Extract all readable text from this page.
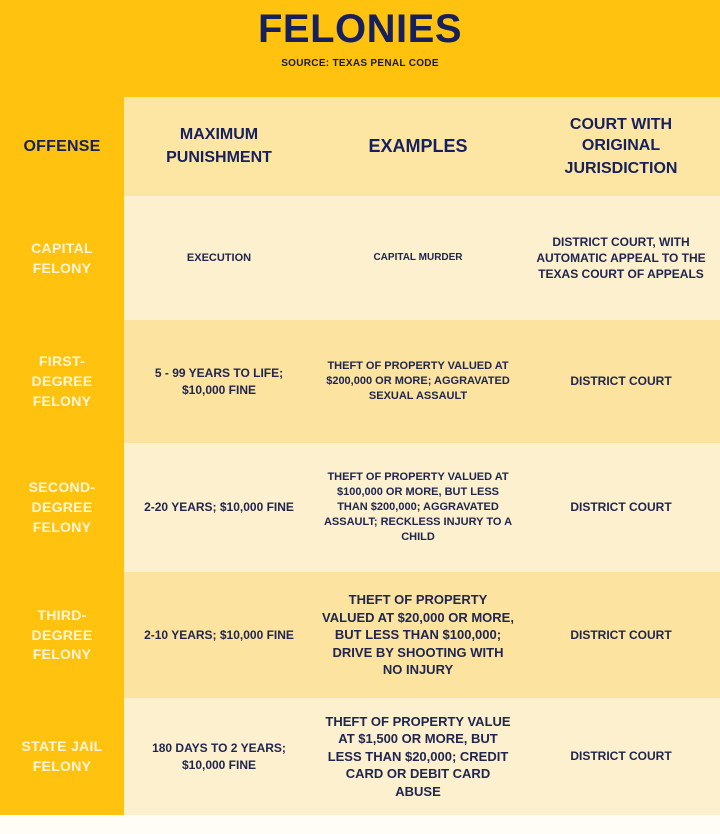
FELONIES
SOURCE: TEXAS PENAL CODE
OFFENSE
MAXIMUM
PUNISHMENT
EXAMPLES
COURT WITH ORIGINAL
JURISDICTION
CAPITAL
FELONY
EXECUTION	CAPITAL MURDER
DISTRICT COURT, WITH AUTOMATIC APPEAL TO THE TEXAS COURT OF APPEALS
FIRST-
DEGREE
FELONY
5 - 99 YEARS TO LIFE; $10,000 FINE
THEFT OF PROPERTY VALUED AT $200,000 OR MORE; AGGRAVATED SEXUAL ASSAULT
DISTRICT COURT
SECOND-
DEGREE
FELONY
2-20 YEARS; $10,000 FINE
THEFT OF PROPERTY VALUED AT $100,000 OR MORE, BUT LESS THAN $200,000; AGGRAVATED ASSAULT; RECKLESS INJURY TO A CHILD
DISTRICT COURT
THIRD-
DEGREE
FELONY
2-10 YEARS; $10,000 FINE
THEFT OF PROPERTY VALUED AT $20,000 OR MORE, BUT LESS THAN $100,000; DRIVE BY SHOOTING WITH NO INJURY
DISTRICT COURT
STATE JAIL
FELONY
180 DAYS TO 2 YEARS; $10,000 FINE
THEFT OF PROPERTY VALUE AT $1,500 OR MORE, BUT LESS THAN $20,000; CREDIT CARD OR DEBIT CARD ABUSE
DISTRICT COURT
